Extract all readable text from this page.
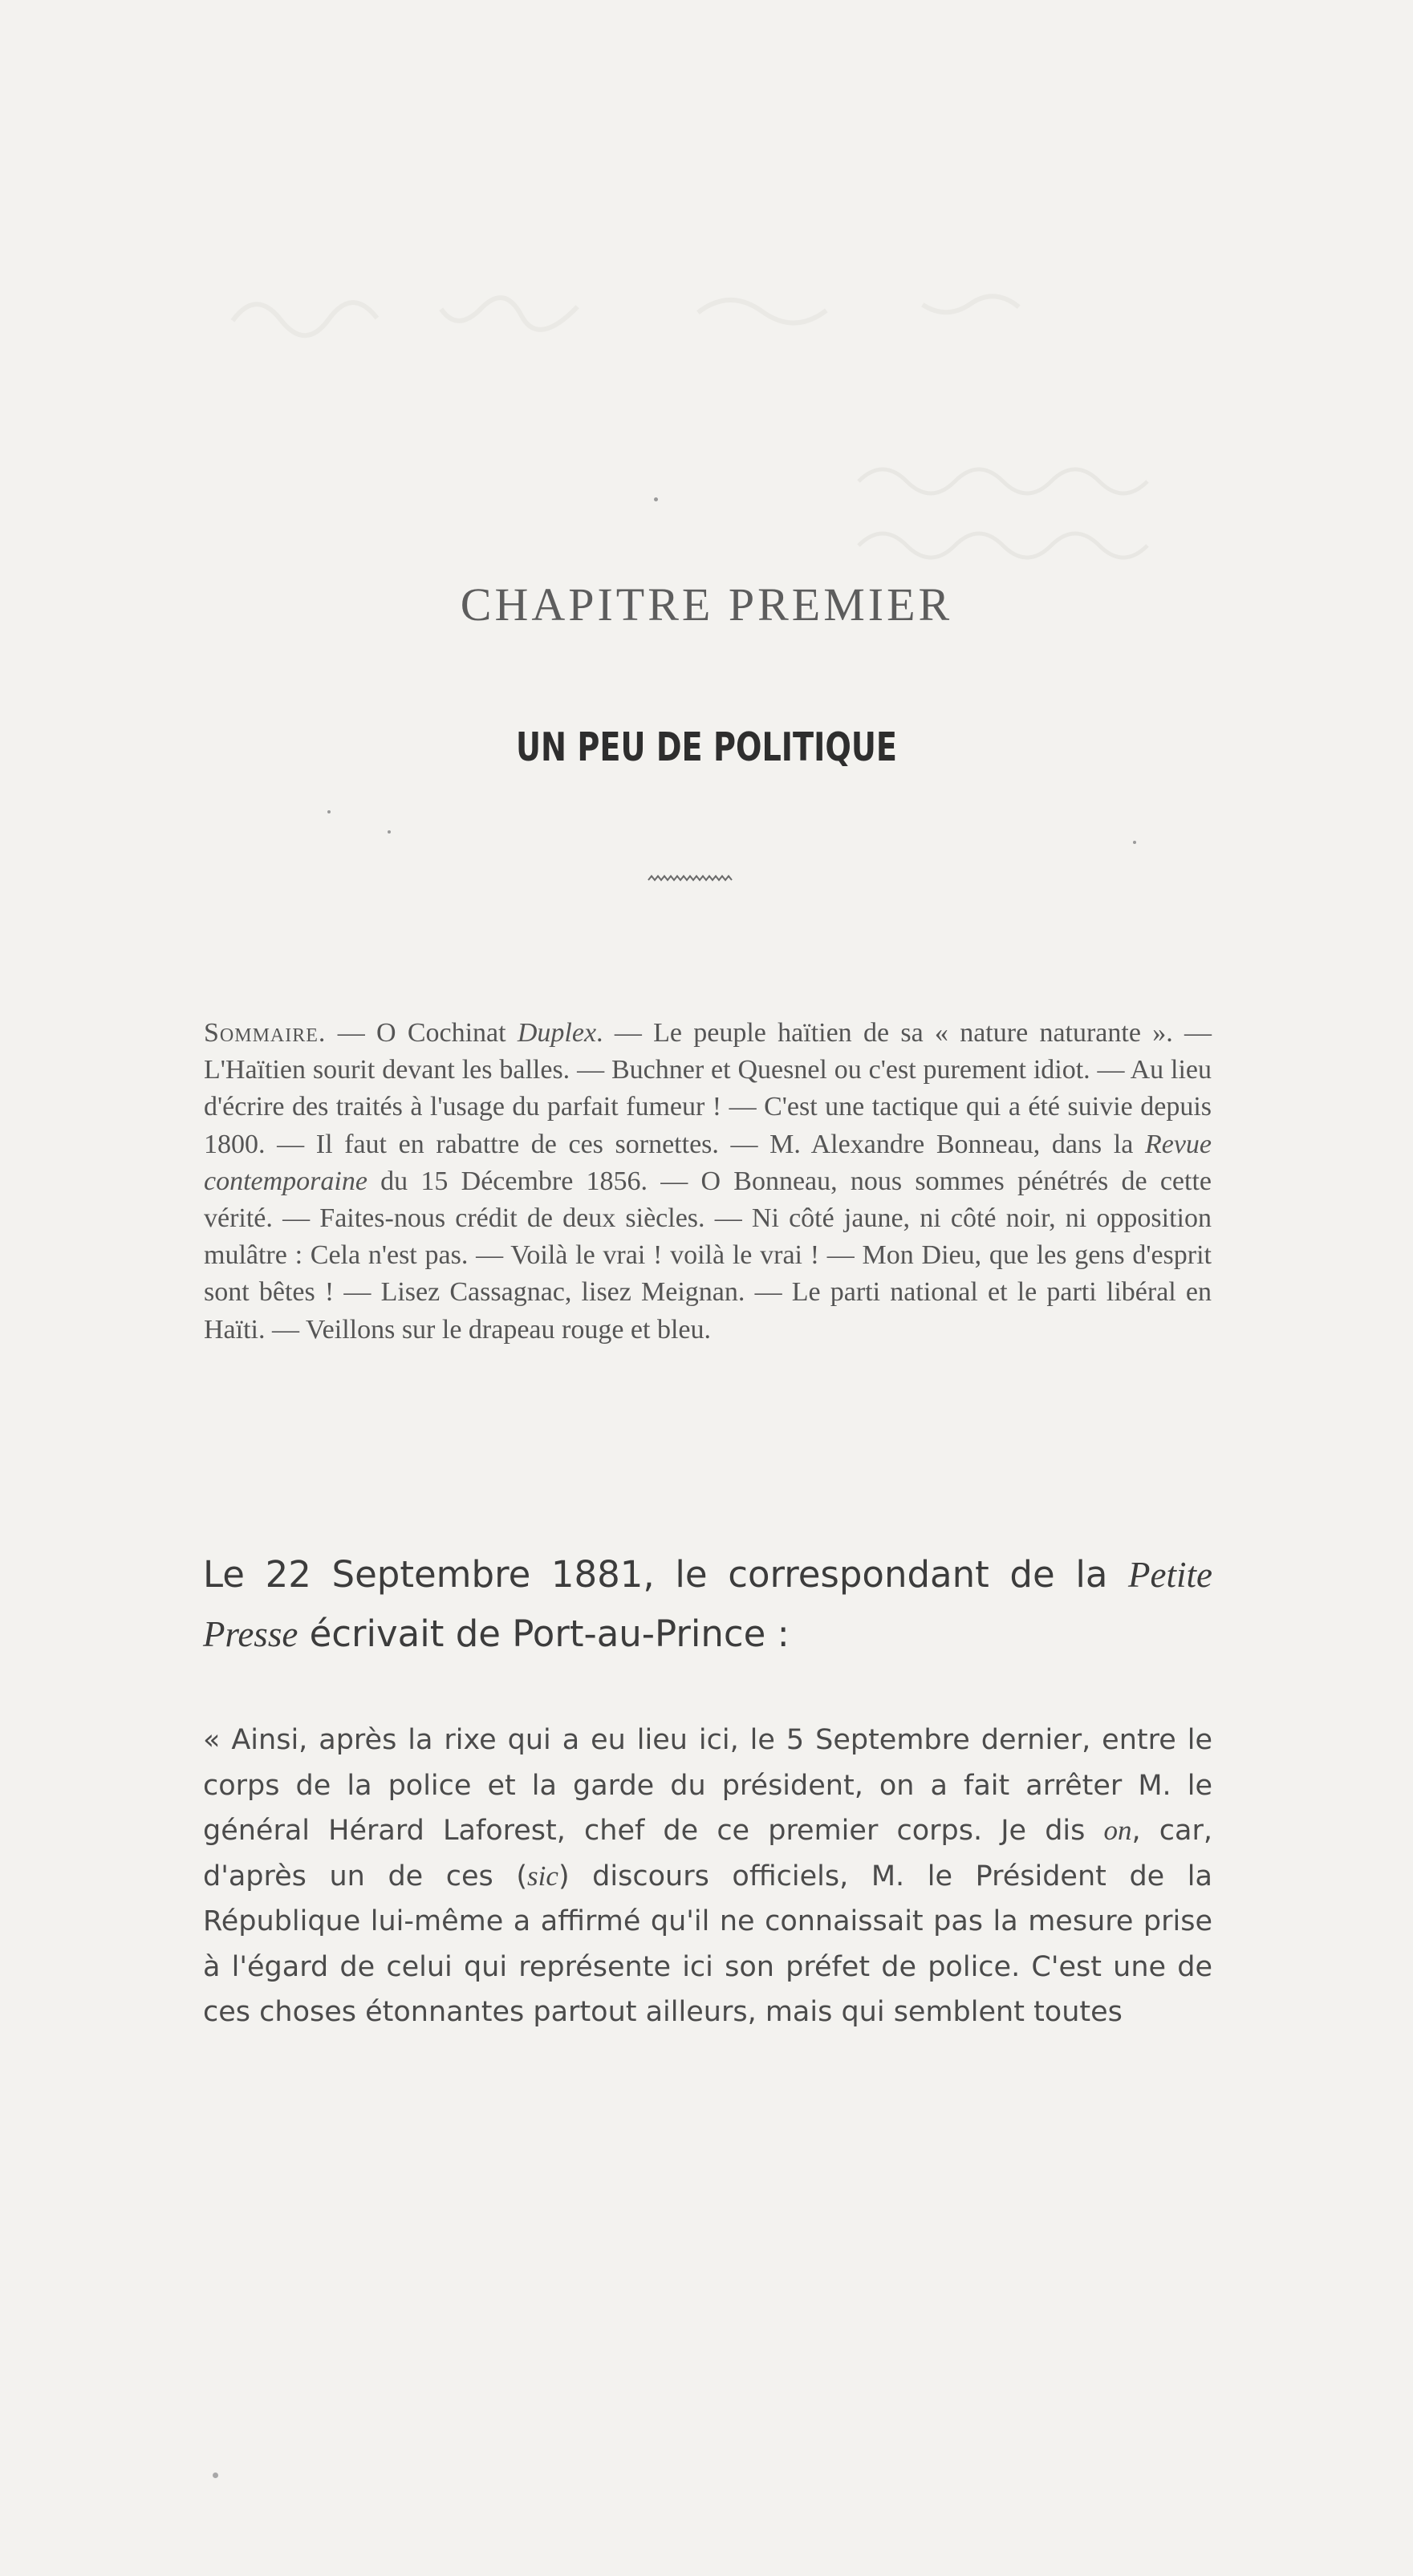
CHAPITRE PREMIER
UN PEU DE POLITIQUE
Sommaire. — O Cochinat Duplex. — Le peuple haïtien de sa « nature naturante ». — L'Haïtien sourit devant les balles. — Buchner et Quesnel ou c'est purement idiot. — Au lieu d'écrire des traités à l'usage du parfait fumeur ! — C'est une tactique qui a été suivie depuis 1800. — Il faut en rabattre de ces sornettes. — M. Alexandre Bonneau, dans la Revue contemporaine du 15 Décembre 1856. — O Bonneau, nous sommes pénétrés de cette vérité. — Faites-nous crédit de deux siècles. — Ni côté jaune, ni côté noir, ni opposition mulâtre : Cela n'est pas. — Voilà le vrai ! voilà le vrai ! — Mon Dieu, que les gens d'esprit sont bêtes ! — Lisez Cassagnac, lisez Meignan. — Le parti national et le parti libéral en Haïti. — Veillons sur le drapeau rouge et bleu.
Le 22 Septembre 1881, le correspondant de la Petite Presse écrivait de Port-au-Prince :
« Ainsi, après la rixe qui a eu lieu ici, le 5 Septembre dernier, entre le corps de la police et la garde du président, on a fait arrêter M. le général Hérard Laforest, chef de ce premier corps. Je dis on, car, d'après un de ces (sic) discours officiels, M. le Président de la République lui-même a affirmé qu'il ne connaissait pas la mesure prise à l'égard de celui qui représente ici son préfet de police. C'est une de ces choses étonnantes partout ailleurs, mais qui semblent toutes
